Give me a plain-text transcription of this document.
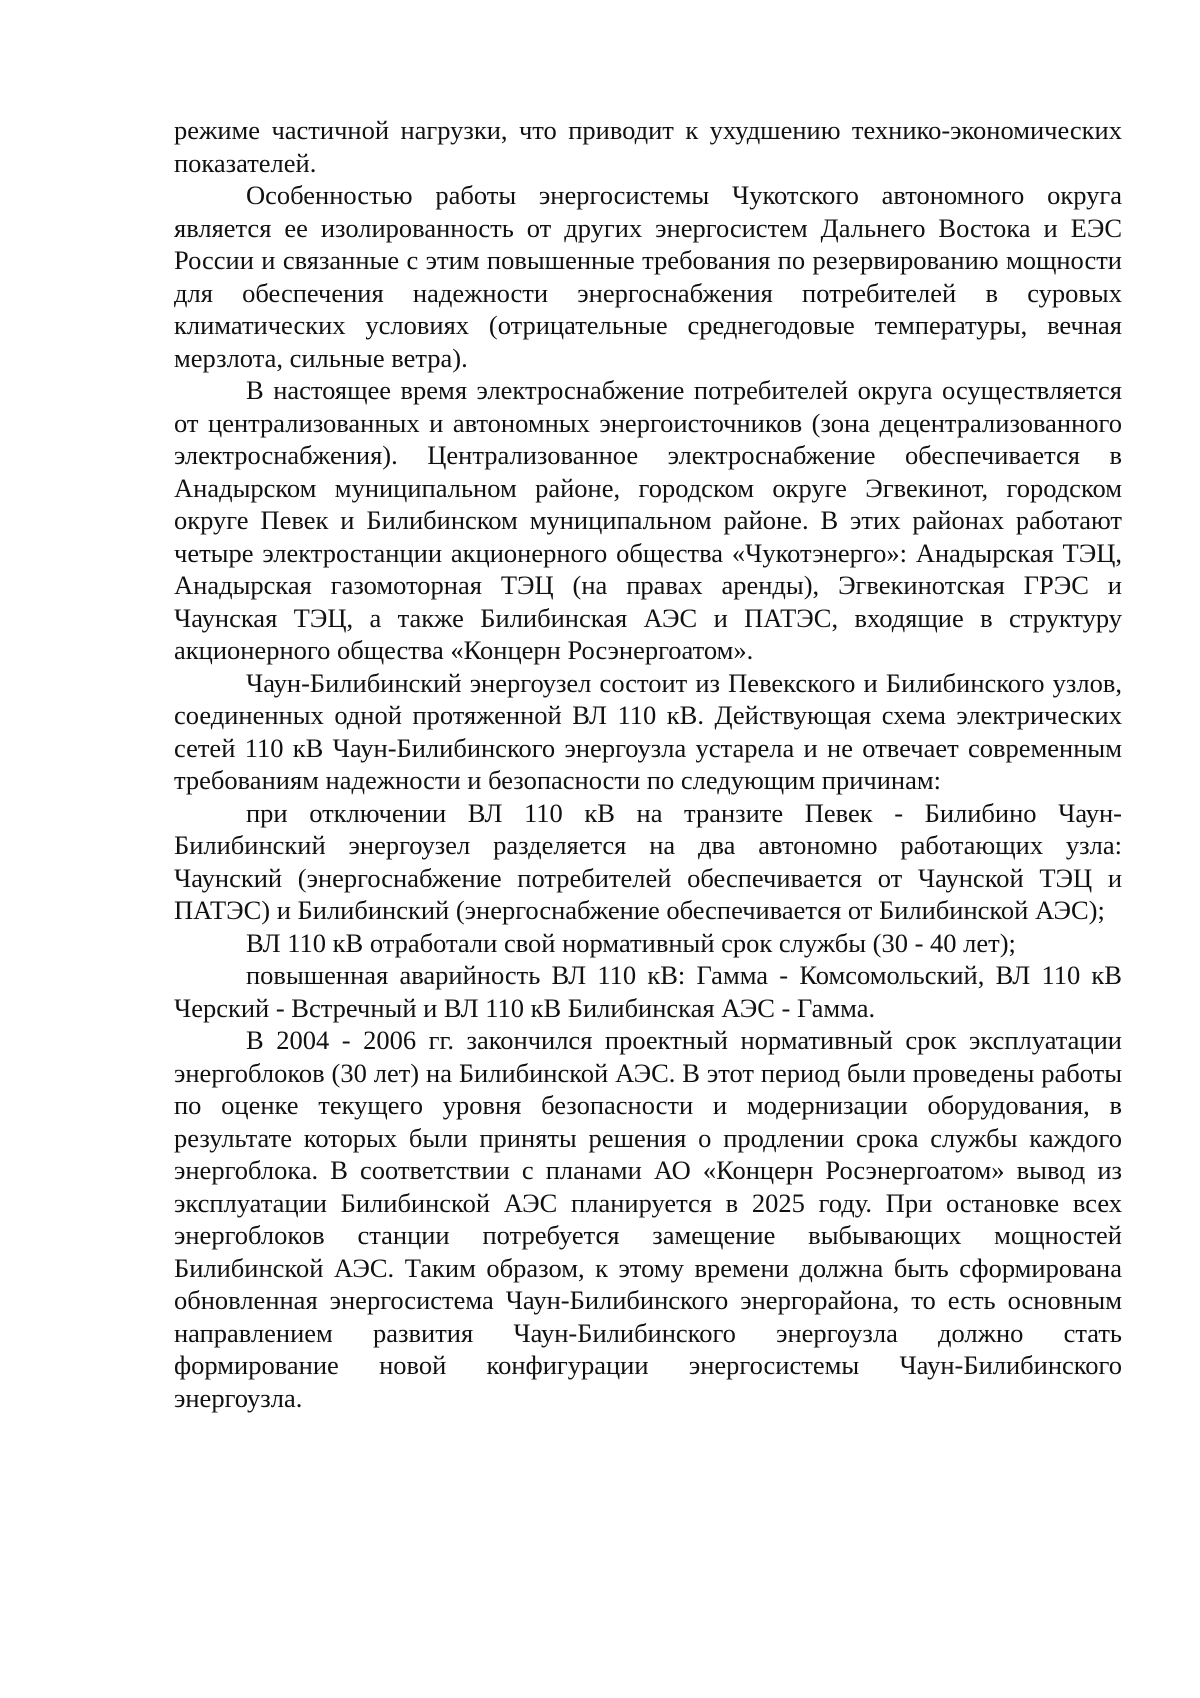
режиме частичной нагрузки, что приводит к ухудшению технико-экономических показателей.

Особенностью работы энергосистемы Чукотского автономного округа является ее изолированность от других энергосистем Дальнего Востока и ЕЭС России и связанные с этим повышенные требования по резервированию мощности для обеспечения надежности энергоснабжения потребителей в суровых климатических условиях (отрицательные среднегодовые температуры, вечная мерзлота, сильные ветра).

В настоящее время электроснабжение потребителей округа осуществляется от централизованных и автономных энергоисточников (зона децентрализованного электроснабжения). Централизованное электроснабжение обеспечивается в Анадырском муниципальном районе, городском округе Эгвекинот, городском округе Певек и Билибинском муниципальном районе. В этих районах работают четыре электростанции акционерного общества «Чукотэнерго»: Анадырская ТЭЦ, Анадырская газомоторная ТЭЦ (на правах аренды), Эгвекинотская ГРЭС и Чаунская ТЭЦ, а также Билибинская АЭС и ПАТЭС, входящие в структуру акционерного общества «Концерн Росэнергоатом».

Чаун-Билибинский энергоузел состоит из Певекского и Билибинского узлов, соединенных одной протяженной ВЛ 110 кВ. Действующая схема электрических сетей 110 кВ Чаун-Билибинского энергоузла устарела и не отвечает современным требованиям надежности и безопасности по следующим причинам:

при отключении ВЛ 110 кВ на транзите Певек - Билибино Чаун-Билибинский энергоузел разделяется на два автономно работающих узла: Чаунский (энергоснабжение потребителей обеспечивается от Чаунской ТЭЦ и ПАТЭС) и Билибинский (энергоснабжение обеспечивается от Билибинской АЭС);

ВЛ 110 кВ отработали свой нормативный срок службы (30 - 40 лет);

повышенная аварийность ВЛ 110 кВ: Гамма - Комсомольский, ВЛ 110 кВ Черский - Встречный и ВЛ 110 кВ Билибинская АЭС - Гамма.

В 2004 - 2006 гг. закончился проектный нормативный срок эксплуатации энергоблоков (30 лет) на Билибинской АЭС. В этот период были проведены работы по оценке текущего уровня безопасности и модернизации оборудования, в результате которых были приняты решения о продлении срока службы каждого энергоблока. В соответствии с планами АО «Концерн Росэнергоатом» вывод из эксплуатации Билибинской АЭС планируется в 2025 году. При остановке всех энергоблоков станции потребуется замещение выбывающих мощностей Билибинской АЭС. Таким образом, к этому времени должна быть сформирована обновленная энергосистема Чаун-Билибинского энергорайона, то есть основным направлением развития Чаун-Билибинского энергоузла должно стать формирование новой конфигурации энергосистемы Чаун-Билибинского энергоузла.
